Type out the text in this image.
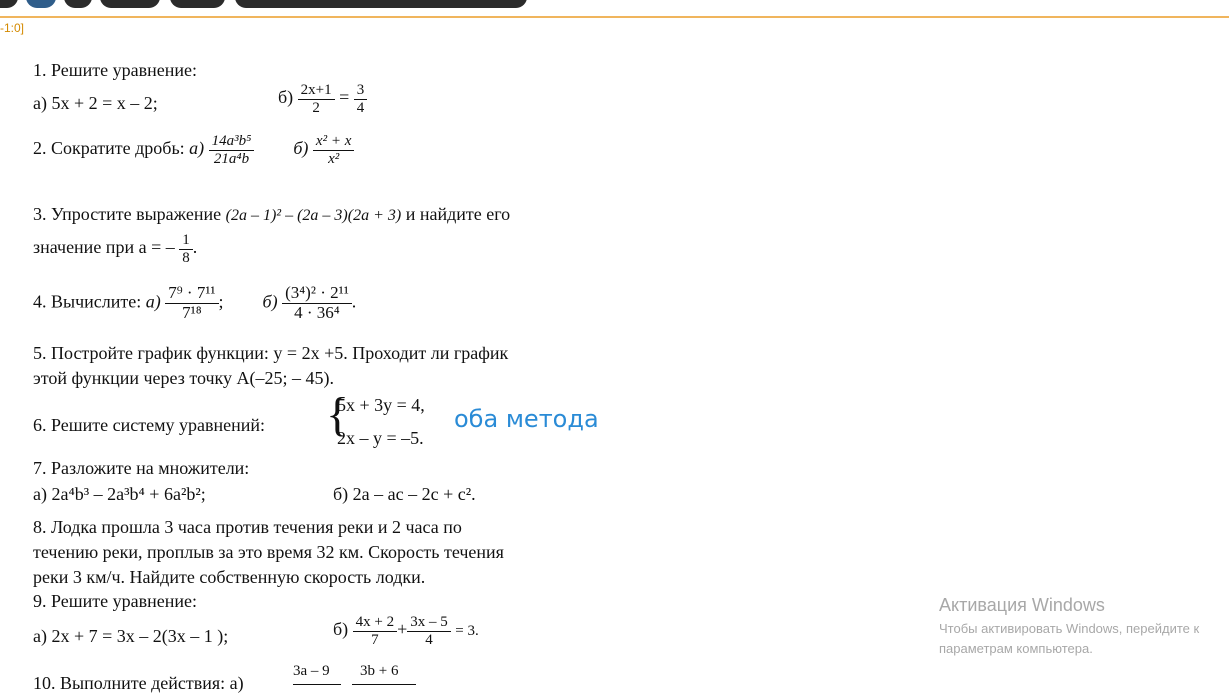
-1:0]
1. Решите уравнение:
а) 5x + 2 = x – 2;	$б) \frac{2x+1}{2} = \frac{3}{4}$
2. Сократите дробь: $а) \frac{\text{14a³b⁵}}{\text{21a⁴b}} б) \frac{\text{x² + x}}{\text{x²}}$
3. Упростите выражение (2a – 1)² – (2a – 3)(2a + 3) и найдите его
значение при a = – $\frac{1}{8}$ .
4. Вычислите: $а) \frac{\text{7⁹ · 7¹¹}}{\text{7¹⁸}}$ ;  $б) \frac{\text{(3⁴)² · 2¹¹}}{\text{4 · 36⁴}}$ .
5. Постройте график функции: y = 2x +5. Проходит ли график
этой функции через точку A(–25; – 45).
6. Решите систему уравнений: {
5x + 3y = 4,
2x – y = –5.
оба метода
7. Разложите на множители:
а) 2a⁴b³ – 2a³b⁴ + 6a²b²;	б) 2a – ac – 2c + c².
8. Лодка прошла 3 часа против течения реки и 2 часа по
течению реки, проплыв за это время 32 км. Скорость течения
реки 3 км/ч. Найдите собственную скорость лодки.
9. Решите уравнение:
а) 2x + 7 = 3x – 2(3x – 1 );	$б) \frac{4x + 2}{7} + \frac{3x - 5}{4} = 3$.
10. Выполните действия: а)
3a – 9 3b + 6
Активация Windows
Чтобы активировать Windows, перейдите к
параметрам компьютера.
